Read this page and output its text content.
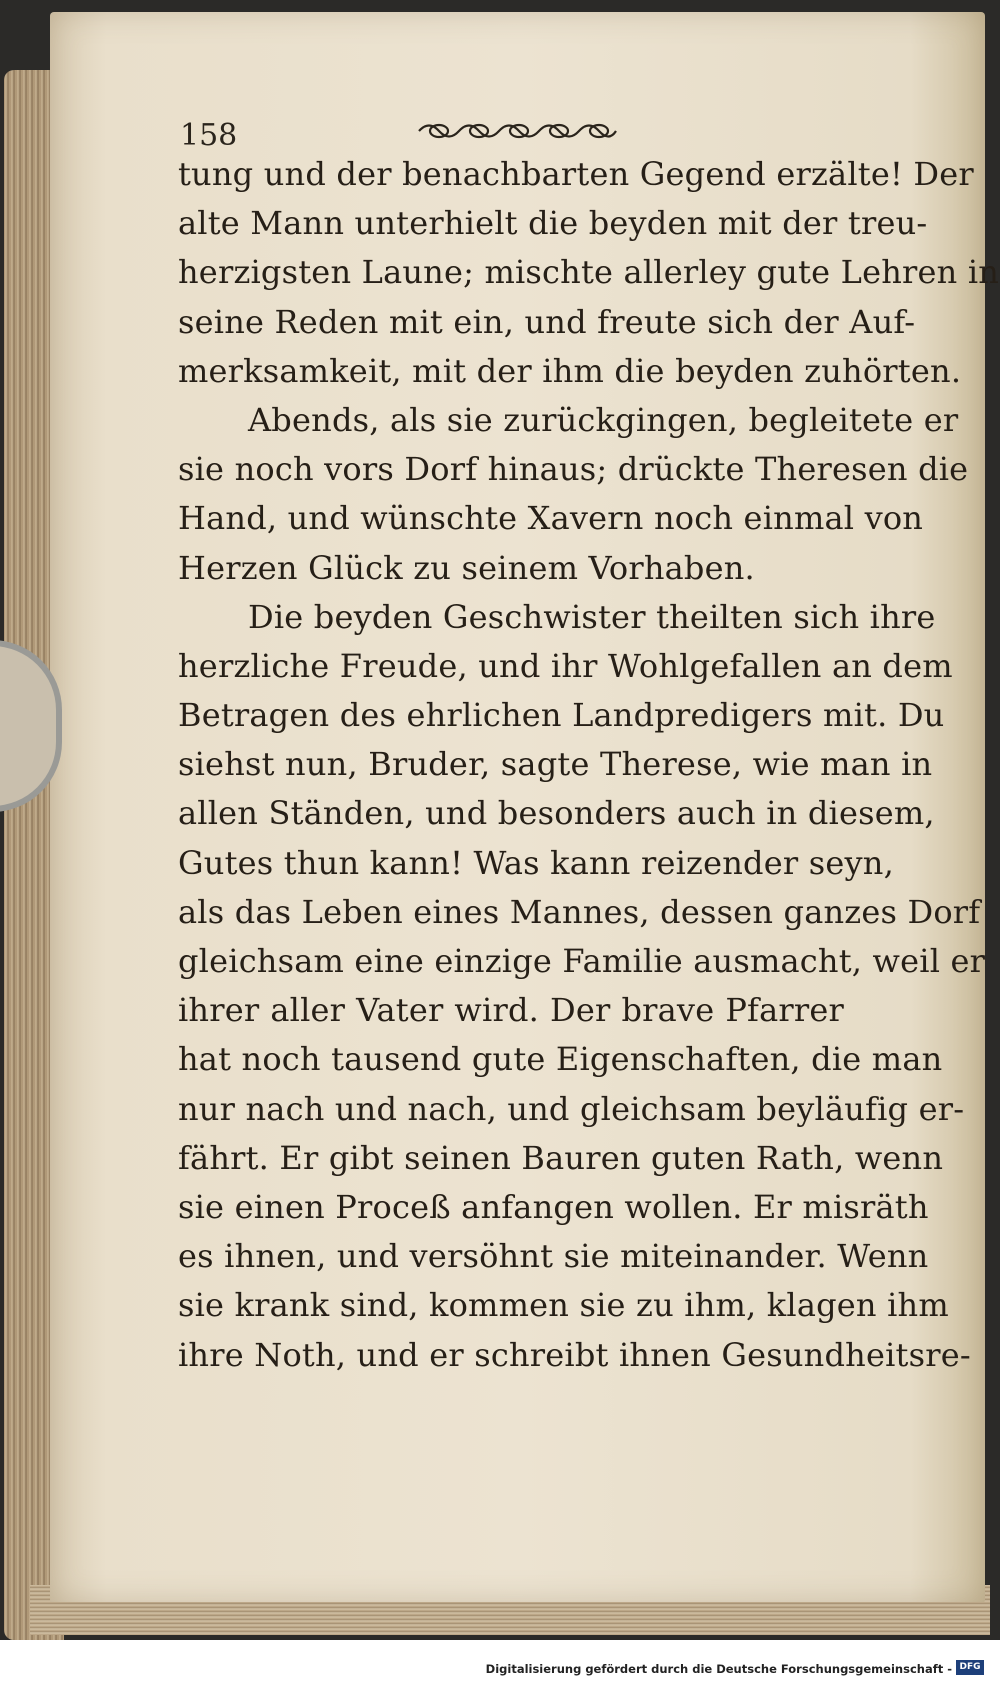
158
tung und der benachbarten Gegend erzälte! Der
alte Mann unterhielt die beyden mit der treu-
herzigsten Laune; mischte allerley gute Lehren in
seine Reden mit ein, und freute sich der Auf-
merksamkeit, mit der ihm die beyden zuhörten.
Abends, als sie zurückgingen, begleitete er
sie noch vors Dorf hinaus; drückte Theresen die
Hand, und wünschte Xavern noch einmal von
Herzen Glück zu seinem Vorhaben.
Die beyden Geschwister theilten sich ihre
herzliche Freude, und ihr Wohlgefallen an dem
Betragen des ehrlichen Landpredigers mit. Du
siehst nun, Bruder, sagte Therese, wie man in
allen Ständen, und besonders auch in diesem,
Gutes thun kann! Was kann reizender seyn,
als das Leben eines Mannes, dessen ganzes Dorf
gleichsam eine einzige Familie ausmacht, weil er
ihrer aller Vater wird. Der brave Pfarrer
hat noch tausend gute Eigenschaften, die man
nur nach und nach, und gleichsam beyläufig er-
fährt. Er gibt seinen Bauren guten Rath, wenn
sie einen Proceß anfangen wollen. Er misräth
es ihnen, und versöhnt sie miteinander. Wenn
sie krank sind, kommen sie zu ihm, klagen ihm
ihre Noth, und er schreibt ihnen Gesundheitsre-
Digitalisierung gefördert durch die Deutsche Forschungsgemeinschaft - DFG
